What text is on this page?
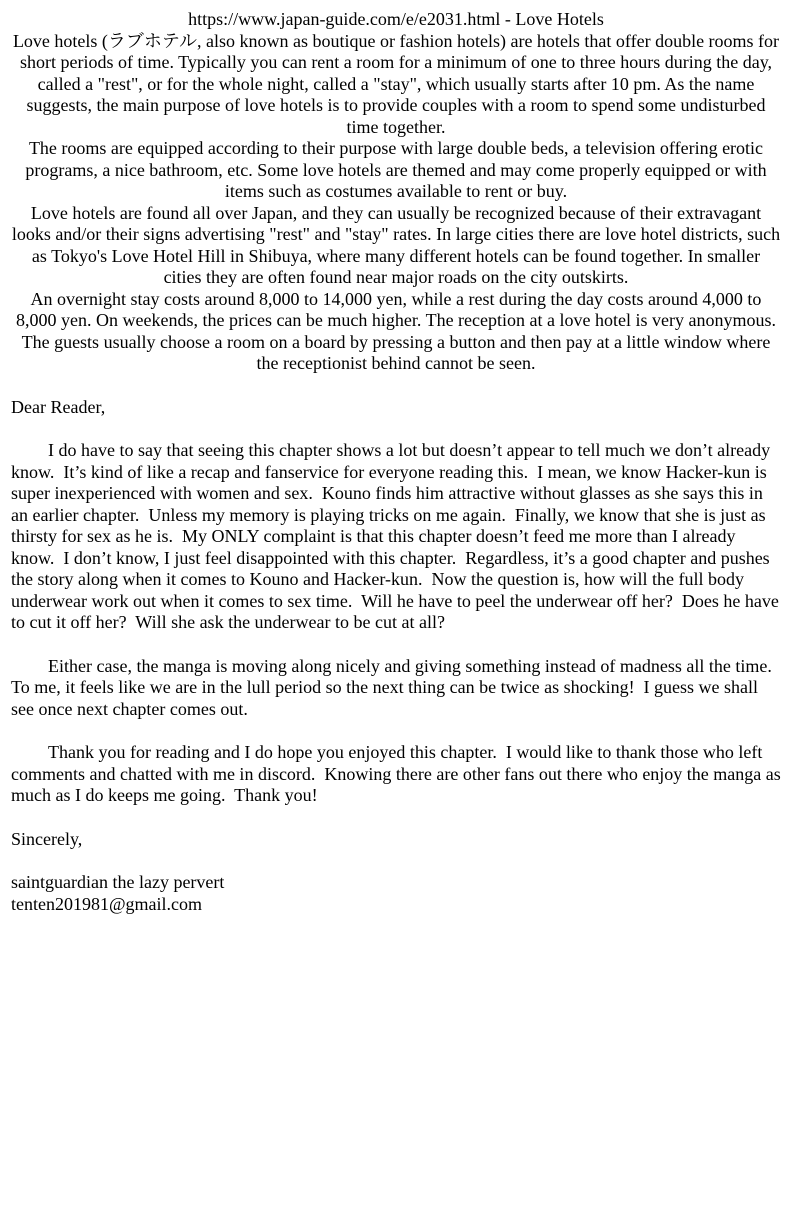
https://www.japan-guide.com/e/e2031.html - Love Hotels

Love hotels (ラブホテル, also known as boutique or fashion hotels) are hotels that offer double rooms for short periods of time. Typically you can rent a room for a minimum of one to three hours during the day, called a "rest", or for the whole night, called a "stay", which usually starts after 10 pm. As the name suggests, the main purpose of love hotels is to provide couples with a room to spend some undisturbed time together.

The rooms are equipped according to their purpose with large double beds, a television offering erotic programs, a nice bathroom, etc. Some love hotels are themed and may come properly equipped or with items such as costumes available to rent or buy.

Love hotels are found all over Japan, and they can usually be recognized because of their extravagant looks and/or their signs advertising "rest" and "stay" rates. In large cities there are love hotel districts, such as Tokyo's Love Hotel Hill in Shibuya, where many different hotels can be found together. In smaller cities they are often found near major roads on the city outskirts.

An overnight stay costs around 8,000 to 14,000 yen, while a rest during the day costs around 4,000 to 8,000 yen. On weekends, the prices can be much higher. The reception at a love hotel is very anonymous. The guests usually choose a room on a board by pressing a button and then pay at a little window where the receptionist behind cannot be seen.

Dear Reader,

I do have to say that seeing this chapter shows a lot but doesn’t appear to tell much we don’t already know.  It’s kind of like a recap and fanservice for everyone reading this.  I mean, we know Hacker-kun is super inexperienced with women and sex.  Kouno finds him attractive without glasses as she says this in an earlier chapter.  Unless my memory is playing tricks on me again.  Finally, we know that she is just as thirsty for sex as he is.  My ONLY complaint is that this chapter doesn’t feed me more than I already know.  I don’t know, I just feel disappointed with this chapter.  Regardless, it’s a good chapter and pushes the story along when it comes to Kouno and Hacker-kun.  Now the question is, how will the full body underwear work out when it comes to sex time.  Will he have to peel the underwear off her?  Does he have to cut it off her?  Will she ask the underwear to be cut at all?

Either case, the manga is moving along nicely and giving something instead of madness all the time.  To me, it feels like we are in the lull period so the next thing can be twice as shocking!  I guess we shall see once next chapter comes out.

Thank you for reading and I do hope you enjoyed this chapter.  I would like to thank those who left comments and chatted with me in discord.  Knowing there are other fans out there who enjoy the manga as much as I do keeps me going.  Thank you!

Sincerely,

saintguardian the lazy pervert

tenten201981@gmail.com
